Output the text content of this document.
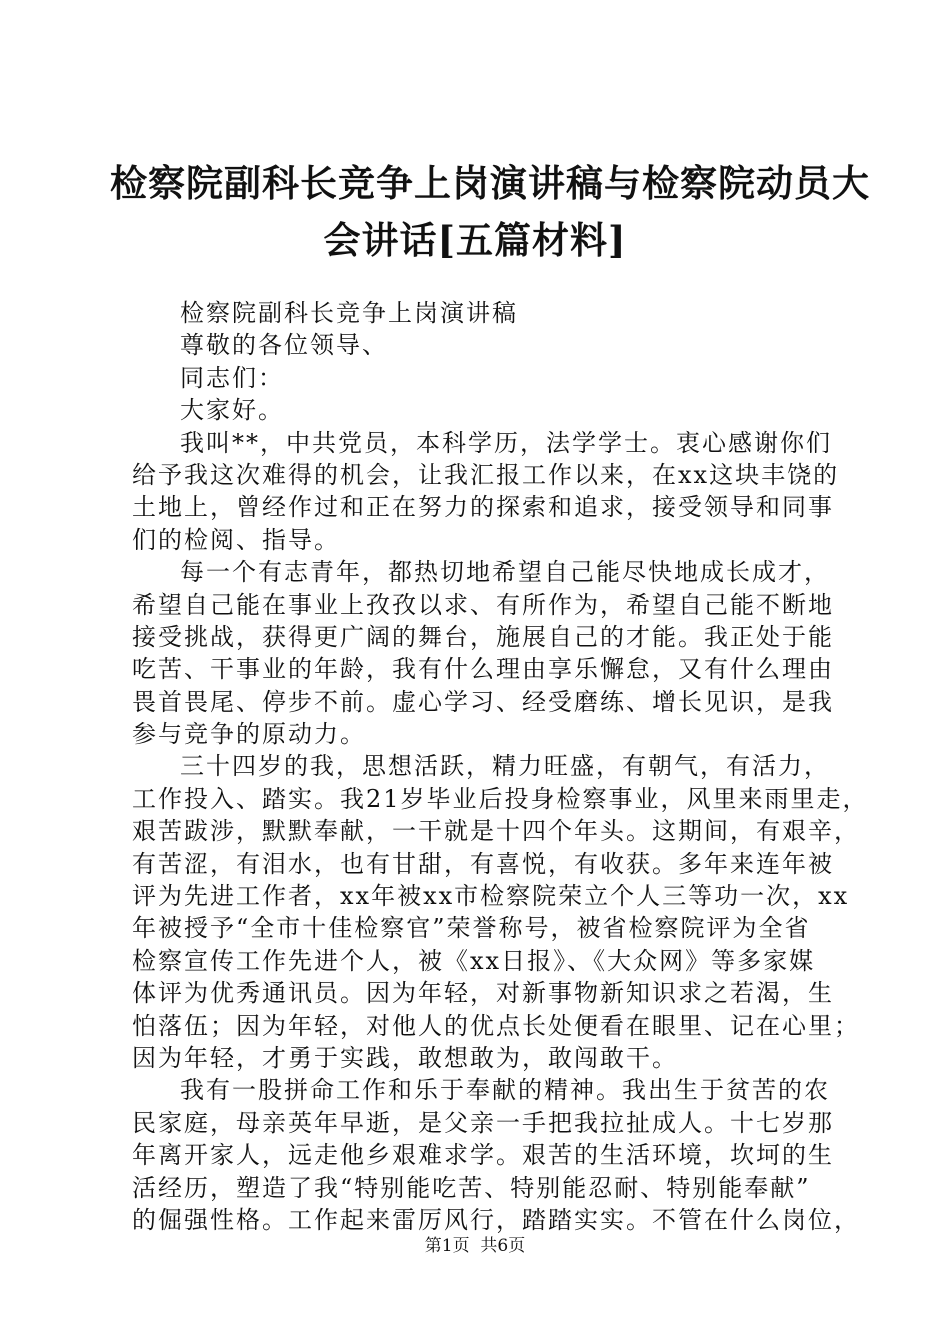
检察院副科长竞争上岗演讲稿与检察院动员大
会讲话[五篇材料]
检察院副科长竞争上岗演讲稿
尊敬的各位领导、
同志们：
大家好。
我叫**，中共党员，本科学历，法学学士。衷心感谢你们
给予我这次难得的机会，让我汇报工作以来，在xx这块丰饶的
土地上，曾经作过和正在努力的探索和追求，接受领导和同事
们的检阅、指导。
每一个有志青年，都热切地希望自己能尽快地成长成才，
希望自己能在事业上孜孜以求、有所作为，希望自己能不断地
接受挑战，获得更广阔的舞台，施展自己的才能。我正处于能
吃苦、干事业的年龄，我有什么理由享乐懈怠，又有什么理由
畏首畏尾、停步不前。虚心学习、经受磨练、增长见识，是我
参与竞争的原动力。
三十四岁的我，思想活跃，精力旺盛，有朝气，有活力，
工作投入、踏实。我21岁毕业后投身检察事业，风里来雨里走，
艰苦跋涉，默默奉献，一干就是十四个年头。这期间，有艰辛，
有苦涩，有泪水，也有甘甜，有喜悦，有收获。多年来连年被
评为先进工作者，xx年被xx市检察院荣立个人三等功一次，xx
年被授予“全市十佳检察官”荣誉称号，被省检察院评为全省
检察宣传工作先进个人，被《xx日报》、《大众网》等多家媒
体评为优秀通讯员。因为年轻，对新事物新知识求之若渴，生
怕落伍；因为年轻，对他人的优点长处便看在眼里、记在心里；
因为年轻，才勇于实践，敢想敢为，敢闯敢干。
我有一股拼命工作和乐于奉献的精神。我出生于贫苦的农
民家庭，母亲英年早逝，是父亲一手把我拉扯成人。十七岁那
年离开家人，远走他乡艰难求学。艰苦的生活环境，坎坷的生
活经历，塑造了我“特别能吃苦、特别能忍耐、特别能奉献”
的倔强性格。工作起来雷厉风行，踏踏实实。不管在什么岗位，
第1页  共6页
